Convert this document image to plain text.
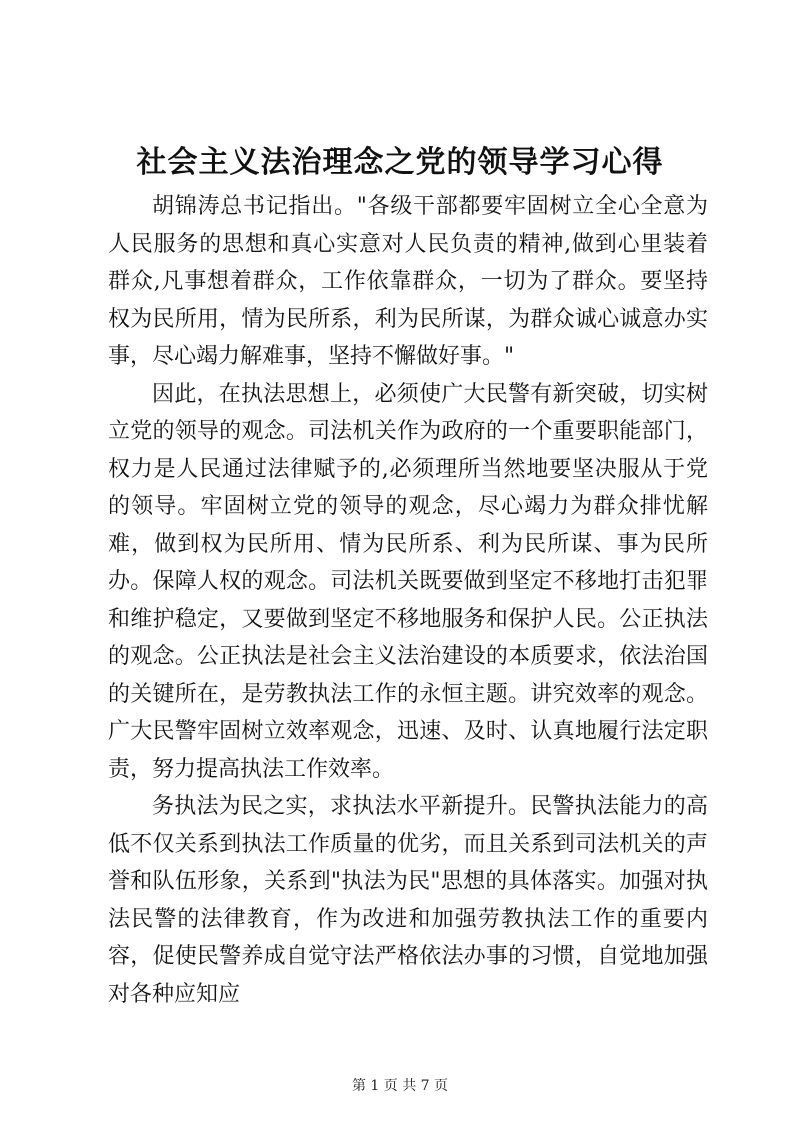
社会主义法治理念之党的领导学习心得

胡锦涛总书记指出。"各级干部都要牢固树立全心全意为人民服务的思想和真心实意对人民负责的精神,做到心里装着群众,凡事想着群众，工作依靠群众，一切为了群众。要坚持权为民所用，情为民所系，利为民所谋，为群众诚心诚意办实事，尽心竭力解难事，坚持不懈做好事。"

因此，在执法思想上，必须使广大民警有新突破，切实树立党的领导的观念。司法机关作为政府的一个重要职能部门，权力是人民通过法律赋予的,必须理所当然地要坚决服从于党的领导。牢固树立党的领导的观念，尽心竭力为群众排忧解难，做到权为民所用、情为民所系、利为民所谋、事为民所办。保障人权的观念。司法机关既要做到坚定不移地打击犯罪和维护稳定，又要做到坚定不移地服务和保护人民。公正执法的观念。公正执法是社会主义法治建设的本质要求，依法治国的关键所在，是劳教执法工作的永恒主题。讲究效率的观念。广大民警牢固树立效率观念，迅速、及时、认真地履行法定职责，努力提高执法工作效率。

务执法为民之实，求执法水平新提升。民警执法能力的高低不仅关系到执法工作质量的优劣，而且关系到司法机关的声誉和队伍形象，关系到"执法为民"思想的具体落实。加强对执法民警的法律教育，作为改进和加强劳教执法工作的重要内容，促使民警养成自觉守法严格依法办事的习惯，自觉地加强对各种应知应

第 1 页 共 7 页
